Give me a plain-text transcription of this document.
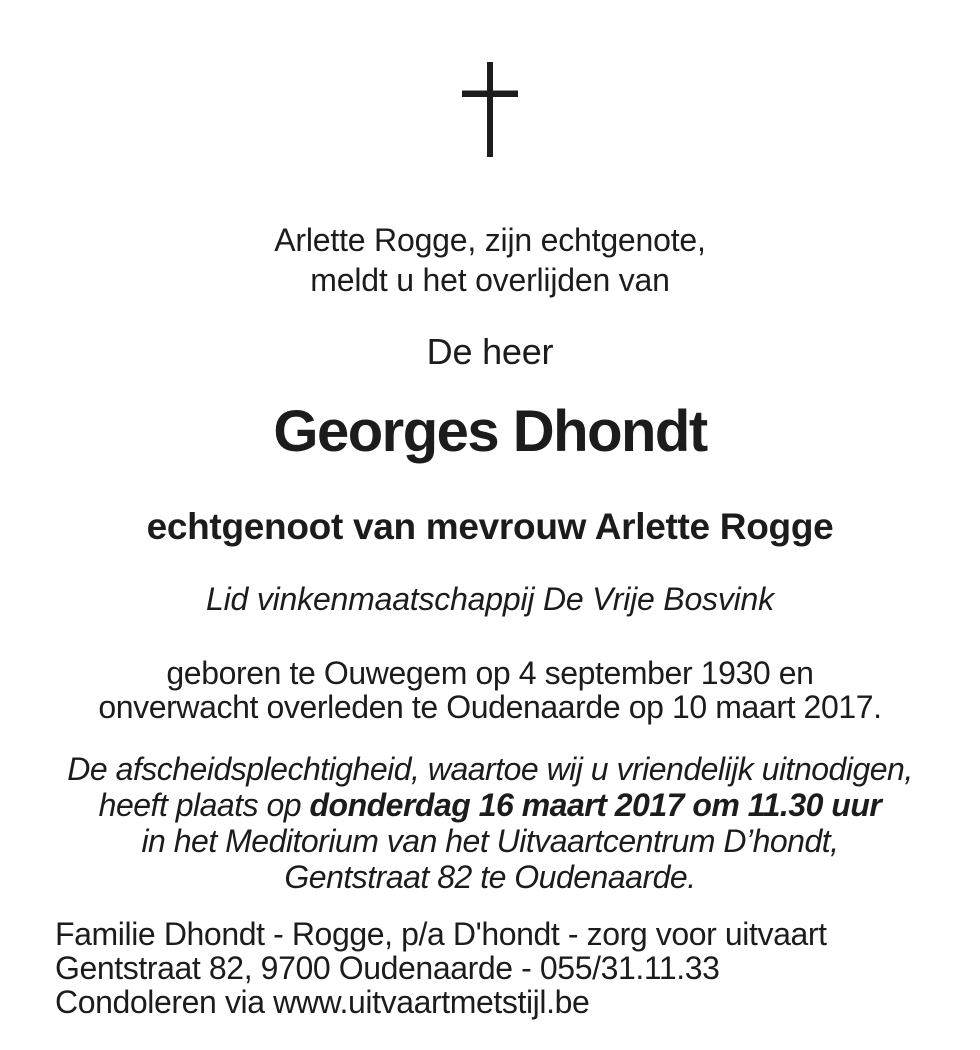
Arlette Rogge, zijn echtgenote,
meldt u het overlijden van
De heer
Georges Dhondt
echtgenoot van mevrouw Arlette Rogge
Lid vinkenmaatschappij De Vrije Bosvink
geboren te Ouwegem op 4 september 1930 en
onverwacht overleden te Oudenaarde op 10 maart 2017.
De afscheidsplechtigheid, waartoe wij u vriendelijk uitnodigen,
heeft plaats op donderdag 16 maart 2017 om 11.30 uur
in het Meditorium van het Uitvaartcentrum D’hondt,
Gentstraat 82 te Oudenaarde.
Familie Dhondt - Rogge, p/a D'hondt - zorg voor uitvaart
Gentstraat 82, 9700 Oudenaarde - 055/31.11.33
Condoleren via www.uitvaartmetstijl.be
